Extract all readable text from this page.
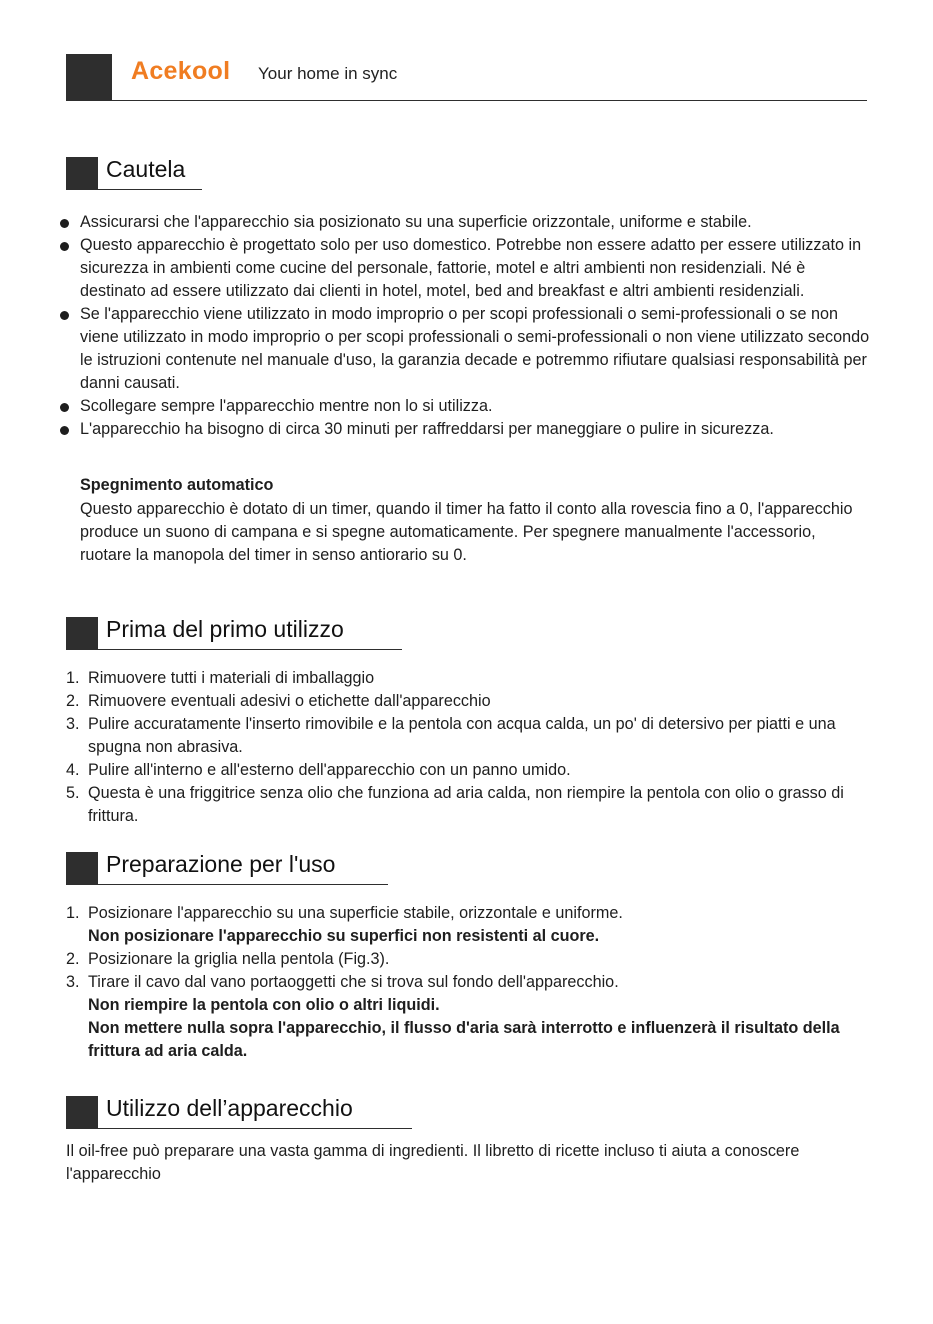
Acekool Your home in sync
Cautela
Assicurarsi che l'apparecchio sia posizionato su una superficie orizzontale, uniforme e stabile.
Questo apparecchio è progettato solo per uso domestico. Potrebbe non essere adatto per essere utilizzato in sicurezza in ambienti come cucine del personale, fattorie, motel e altri ambienti non residenziali. Né è destinato ad essere utilizzato dai clienti in hotel, motel, bed and breakfast e altri ambienti residenziali.
Se l'apparecchio viene utilizzato in modo improprio o per scopi professionali o semi-professionali o se non viene utilizzato in modo improprio o per scopi professionali o semi-professionali o non viene utilizzato secondo le istruzioni contenute nel manuale d'uso, la garanzia decade e potremmo rifiutare qualsiasi responsabilità per danni causati.
Scollegare sempre l'apparecchio mentre non lo si utilizza.
L'apparecchio ha bisogno di circa 30 minuti per raffreddarsi per maneggiare o pulire in sicurezza.
Spegnimento automatico

Questo apparecchio è dotato di un timer, quando il timer ha fatto il conto alla rovescia fino a 0, l'apparecchio produce un suono di campana e si spegne automaticamente. Per spegnere manualmente l'accessorio, ruotare la manopola del timer in senso antiorario su 0.

Prima del primo utilizzo
1. Rimuovere tutti i materiali di imballaggio
2. Rimuovere eventuali adesivi o etichette dall'apparecchio
3. Pulire accuratamente l'inserto rimovibile e la pentola con acqua calda, un po' di detersivo per piatti e una spugna non abrasiva.
4. Pulire all'interno e all'esterno dell'apparecchio con un panno umido.
5. Questa è una friggitrice senza olio che funziona ad aria calda, non riempire la pentola con olio o grasso di frittura.
Preparazione per l'uso
1. Posizionare l'apparecchio su una superficie stabile, orizzontale e uniforme.
Non posizionare l'apparecchio su superfici non resistenti al cuore.
2. Posizionare la griglia nella pentola (Fig.3).
3. Tirare il cavo dal vano portaoggetti che si trova sul fondo dell'apparecchio.
Non riempire la pentola con olio o altri liquidi.
Non mettere nulla sopra l'apparecchio, il flusso d'aria sarà interrotto e influenzerà il risultato della frittura ad aria calda.
Utilizzo dell’apparecchio

Il oil-free può preparare una vasta gamma di ingredienti. Il libretto di ricette incluso ti aiuta a conoscere l'apparecchio
